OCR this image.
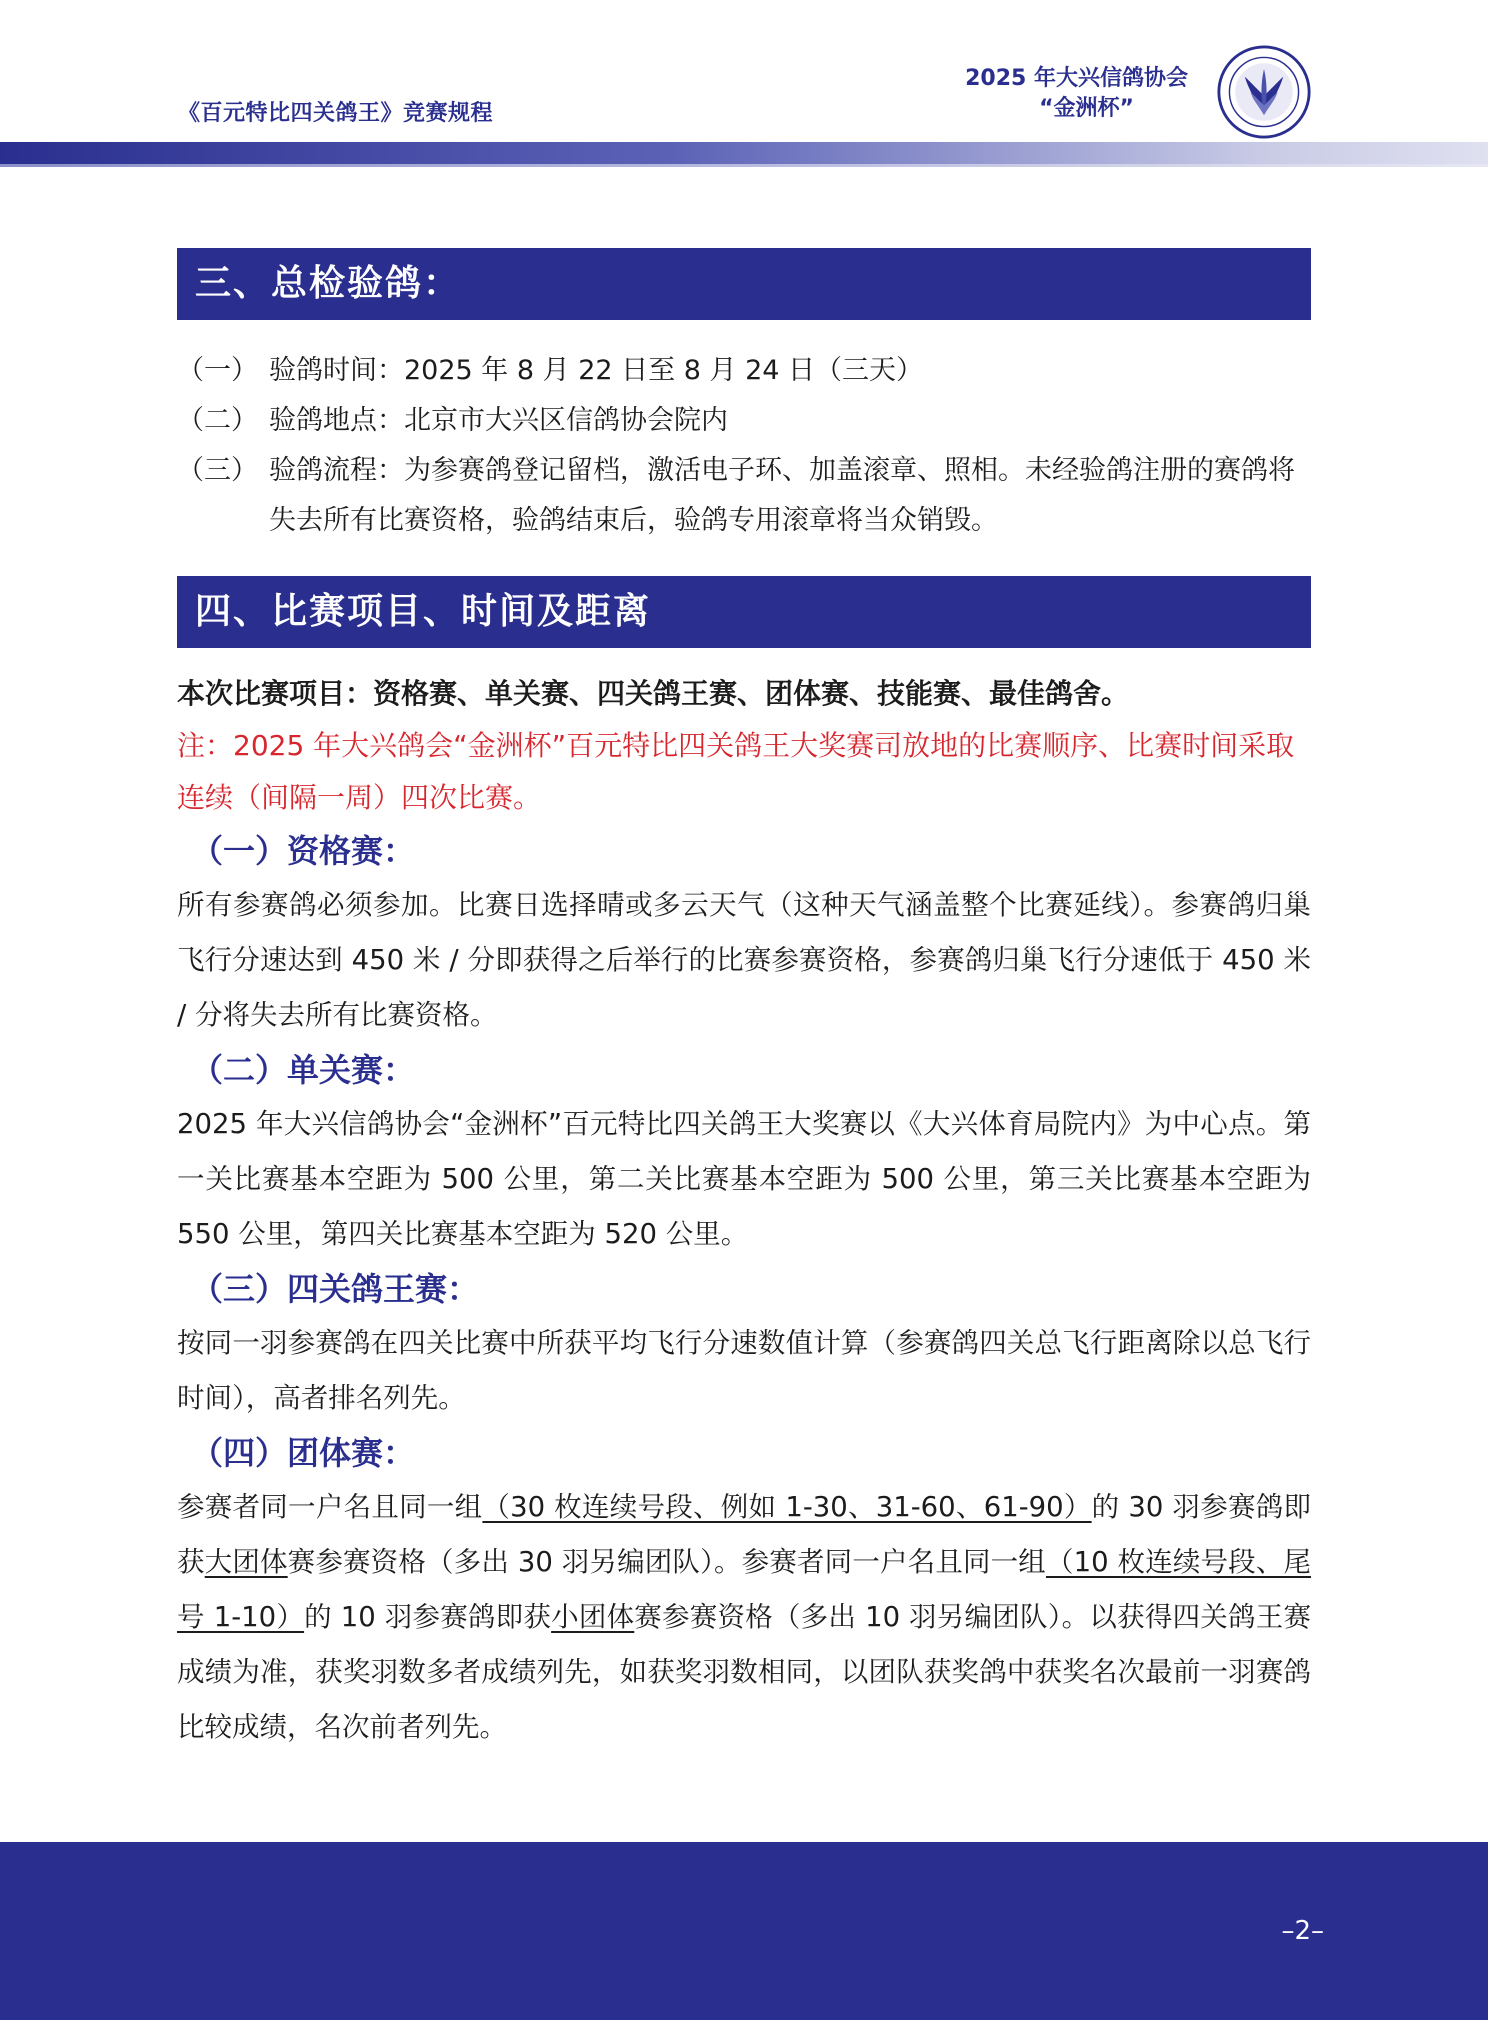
《百元特比四关鸽王》竞赛规程
2025 年大兴信鸽协会
“金洲杯”
三、总检验鸽：
（一） 验鸽时间：2025 年 8 月 22 日至 8 月 24 日（三天）
（二） 验鸽地点：北京市大兴区信鸽协会院内
（三） 验鸽流程：为参赛鸽登记留档，激活电子环、加盖滚章、照相。未经验鸽注册的赛鸽将失去所有比赛资格，验鸽结束后，验鸽专用滚章将当众销毁。
四、比赛项目、时间及距离
本次比赛项目：资格赛、单关赛、四关鸽王赛、团体赛、技能赛、最佳鸽舍。
注：2025 年大兴鸽会“金洲杯”百元特比四关鸽王大奖赛司放地的比赛顺序、比赛时间采取连续（间隔一周）四次比赛。
（一）资格赛：
所有参赛鸽必须参加。比赛日选择晴或多云天气（这种天气涵盖整个比赛延线）。参赛鸽归巢飞行分速达到 450 米 / 分即获得之后举行的比赛参赛资格，参赛鸽归巢飞行分速低于 450 米 / 分将失去所有比赛资格。
（二）单关赛：
2025 年大兴信鸽协会“金洲杯”百元特比四关鸽王大奖赛以《大兴体育局院内》为中心点。第一关比赛基本空距为 500 公里，第二关比赛基本空距为 500 公里，第三关比赛基本空距为 550 公里，第四关比赛基本空距为 520 公里。
（三）四关鸽王赛：
按同一羽参赛鸽在四关比赛中所获平均飞行分速数值计算（参赛鸽四关总飞行距离除以总飞行时间），高者排名列先。
（四）团体赛：
参赛者同一户名且同一组（30 枚连续号段、例如 1-30、31-60、61-90）的 30 羽参赛鸽即获大团体赛参赛资格（多出 30 羽另编团队）。参赛者同一户名且同一组（10 枚连续号段、尾号 1-10）的 10 羽参赛鸽即获小团体赛参赛资格（多出 10 羽另编团队）。以获得四关鸽王赛成绩为准，获奖羽数多者成绩列先，如获奖羽数相同，以团队获奖鸽中获奖名次最前一羽赛鸽比较成绩，名次前者列先。
–2–
